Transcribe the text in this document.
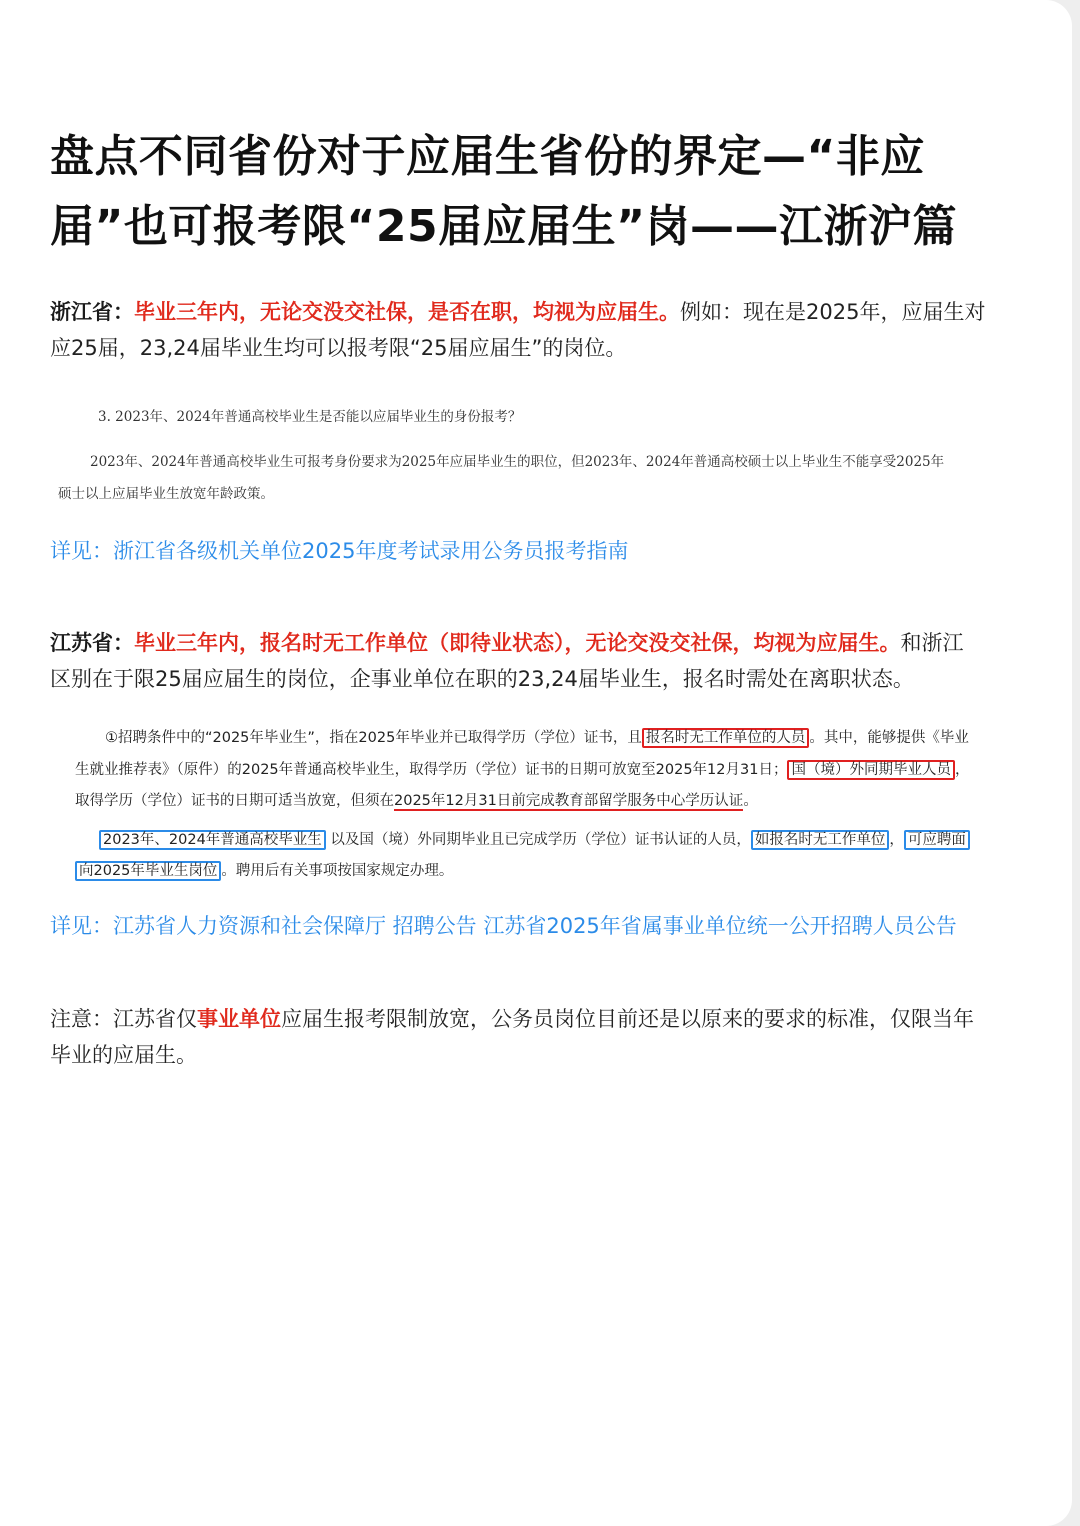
盘点不同省份对于应届生省份的界定—“非应
届”也可报考限“25届应届生”岗——江浙沪篇

浙江省：毕业三年内，无论交没交社保，是否在职，均视为应届生。例如：现在是2025年，应届生对
应25届，23,24届毕业生均可以报考限“25届应届生”的岗位。

3. 2023年、2024年普通高校毕业生是否能以应届毕业生的身份报考？

2023年、2024年普通高校毕业生可报考身份要求为2025年应届毕业生的职位，但2023年、2024年普通高校硕士以上毕业生不能享受2025年

硕士以上应届毕业生放宽年龄政策。

详见：浙江省各级机关单位2025年度考试录用公务员报考指南

江苏省：毕业三年内，报名时无工作单位（即待业状态），无论交没交社保，均视为应届生。和浙江
区别在于限25届应届生的岗位，企事业单位在职的23,24届毕业生，报名时需处在离职状态。

①招聘条件中的“2025年毕业生”，指在2025年毕业并已取得学历（学位）证书，且 报名时无工作单位的人员 。其中，能够提供《毕业

生就业推荐表》（原件）的2025年普通高校毕业生，取得学历（学位）证书的日期可放宽至2025年12月31日； 国（境）外同期毕业人员 ，

取得学历（学位）证书的日期可适当放宽，但须在2025年12月31日前完成教育部留学服务中心学历认证。

2023年、2024年普通高校毕业生 以及国（境）外同期毕业且已完成学历（学位）证书认证的人员， 如报名时无工作单位 ， 可应聘面

向2025年毕业生岗位 。聘用后有关事项按国家规定办理。

详见：江苏省人力资源和社会保障厅 招聘公告 江苏省2025年省属事业单位统一公开招聘人员公告

注意：江苏省仅事业单位应届生报考限制放宽，公务员岗位目前还是以原来的要求的标准，仅限当年
毕业的应届生。
